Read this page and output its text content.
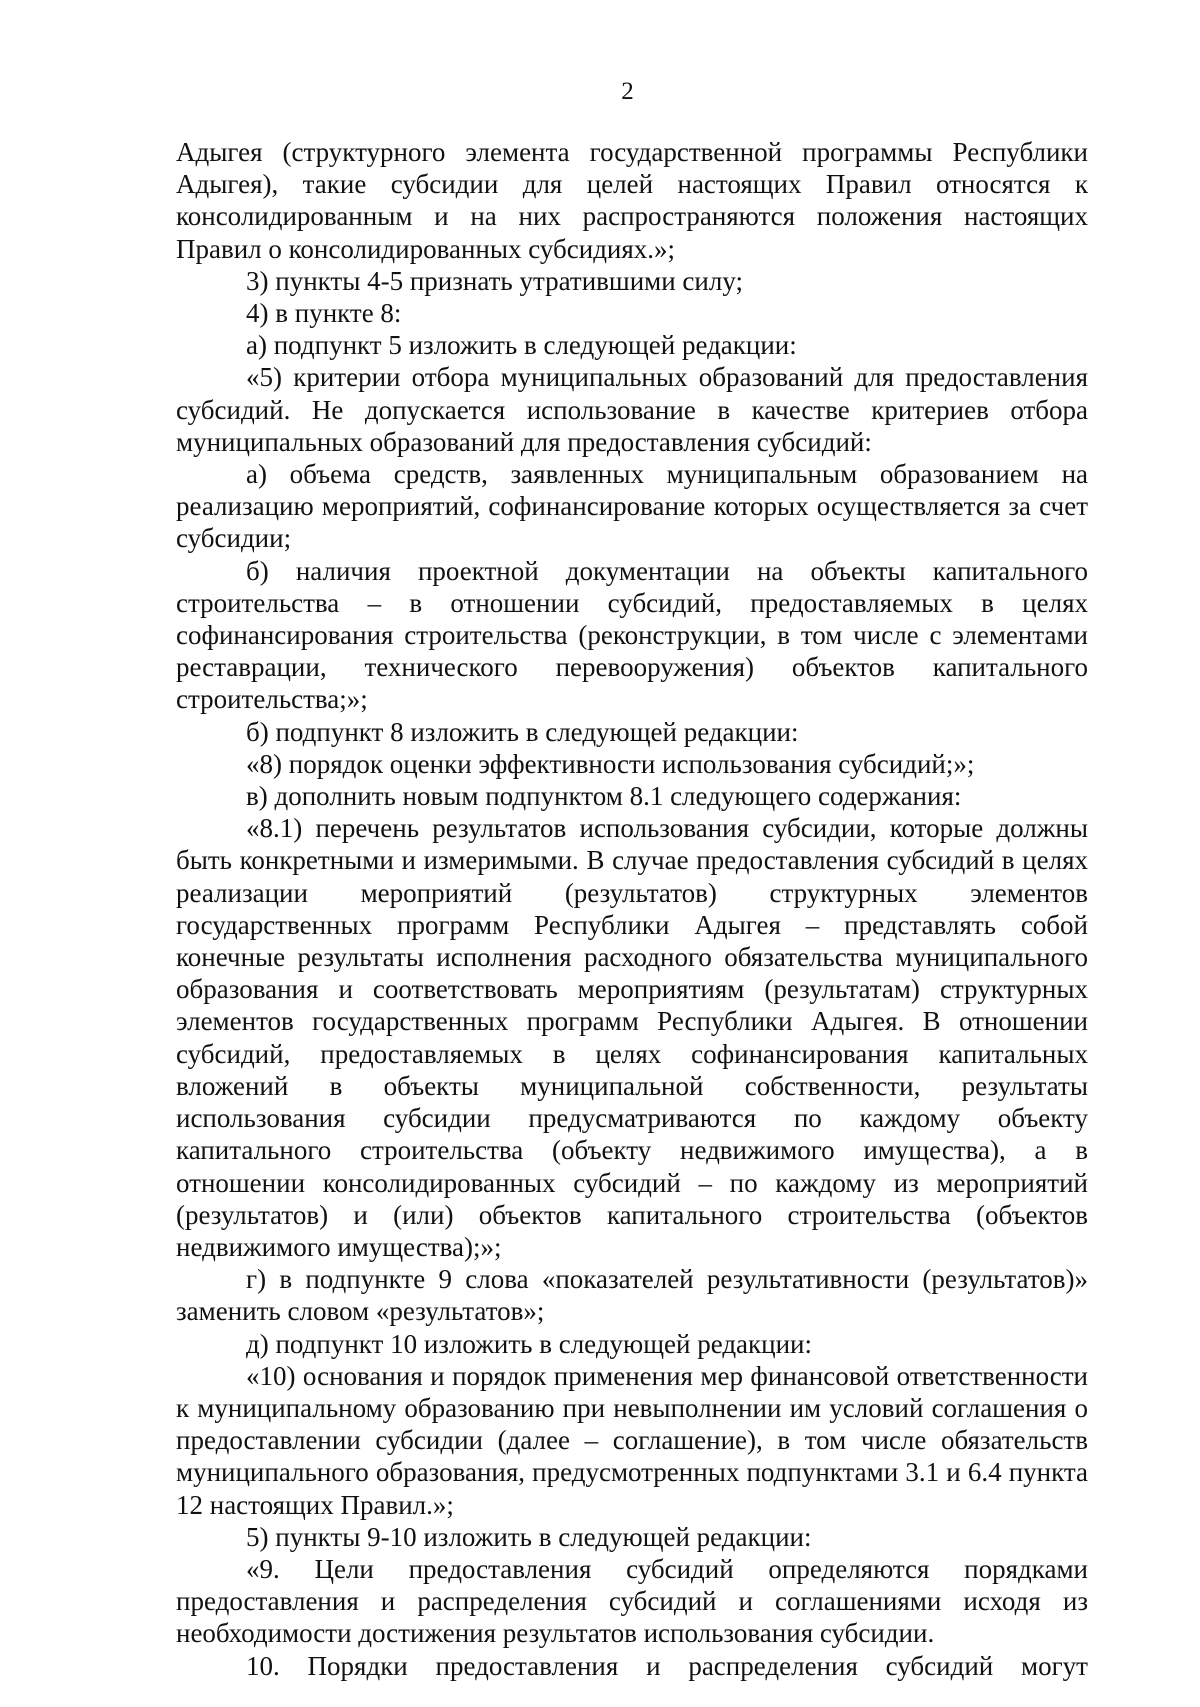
2

Адыгея (структурного элемента государственной программы Республики Адыгея), такие субсидии для целей настоящих Правил относятся к консолидированным и на них распространяются положения настоящих Правил о консолидированных субсидиях.»;

3) пункты 4-5 признать утратившими силу;

4) в пункте 8:

а) подпункт 5 изложить в следующей редакции:

«5) критерии отбора муниципальных образований для предоставления субсидий. Не допускается использование в качестве критериев отбора муниципальных образований для предоставления субсидий:

а) объема средств, заявленных муниципальным образованием на реализацию мероприятий, софинансирование которых осуществляется за счет субсидии;

б) наличия проектной документации на объекты капитального строительства – в отношении субсидий, предоставляемых в целях софинансирования строительства (реконструкции, в том числе с элементами реставрации, технического перевооружения) объектов капитального строительства;»;

б) подпункт 8 изложить в следующей редакции:

«8) порядок оценки эффективности использования субсидий;»;

в) дополнить новым подпунктом 8.1 следующего содержания:

«8.1) перечень результатов использования субсидии, которые должны быть конкретными и измеримыми. В случае предоставления субсидий в целях реализации мероприятий (результатов) структурных элементов государственных программ Республики Адыгея – представлять собой конечные результаты исполнения расходного обязательства муниципального образования и соответствовать мероприятиям (результатам) структурных элементов государственных программ Республики Адыгея. В отношении субсидий, предоставляемых в целях софинансирования капитальных вложений в объекты муниципальной собственности, результаты использования субсидии предусматриваются по каждому объекту капитального строительства (объекту недвижимого имущества), а в отношении консолидированных субсидий – по каждому из мероприятий (результатов) и (или) объектов капитального строительства (объектов недвижимого имущества);»;

г) в подпункте 9 слова «показателей результативности (результатов)» заменить словом «результатов»;

д) подпункт 10 изложить в следующей редакции:

«10) основания и порядок применения мер финансовой ответственности к муниципальному образованию при невыполнении им условий соглашения о предоставлении субсидии (далее – соглашение), в том числе обязательств муниципального образования, предусмотренных подпунктами 3.1 и 6.4 пункта 12 настоящих Правил.»;

5) пункты 9-10 изложить в следующей редакции:

«9. Цели предоставления субсидий определяются порядками предоставления и распределения субсидий и соглашениями исходя из необходимости достижения результатов использования субсидии.

10. Порядки предоставления и распределения субсидий могут
